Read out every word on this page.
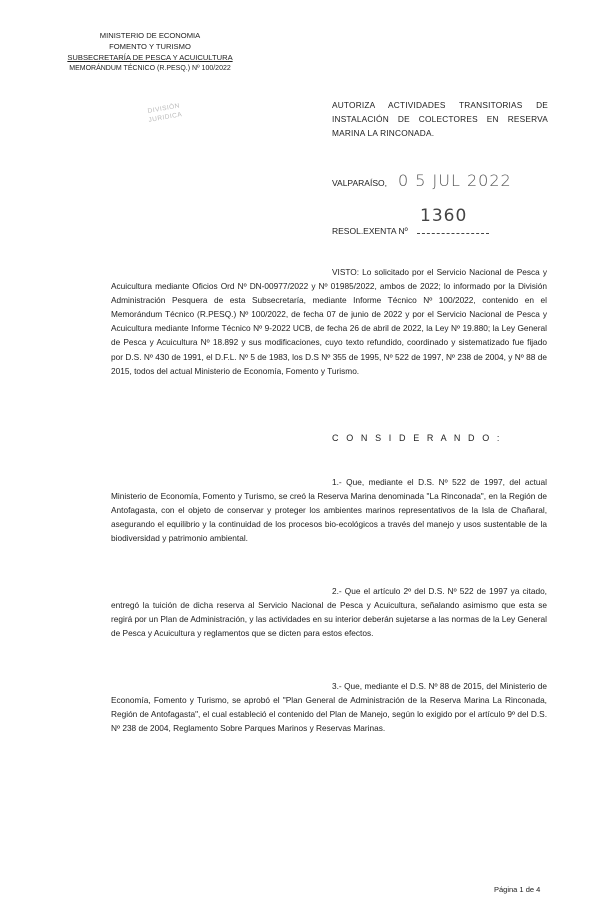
MINISTERIO DE ECONOMIA
FOMENTO Y TURISMO
SUBSECRETARÍA DE PESCA Y ACUICULTURA
MEMORÁNDUM TÉCNICO (R.PESQ.) Nº 100/2022
DIVISIÓN
JURIDICA
AUTORIZA ACTIVIDADES TRANSITORIAS DE INSTALACIÓN DE COLECTORES EN RESERVA MARINA LA RINCONADA.
VALPARAÍSO, 0 5 JUL 2022
RESOL.EXENTA Nº
1360
VISTO: Lo solicitado por el Servicio Nacional de Pesca y Acuicultura mediante Oficios Ord Nº DN-00977/2022 y Nº 01985/2022, ambos de 2022; lo informado por la División Administración Pesquera de esta Subsecretaría, mediante Informe Técnico Nº 100/2022, contenido en el Memorándum Técnico (R.PESQ.) Nº 100/2022, de fecha 07 de junio de 2022 y por el Servicio Nacional de Pesca y Acuicultura mediante Informe Técnico Nº 9-2022 UCB, de fecha 26 de abril de 2022, la Ley Nº 19.880; la Ley General de Pesca y Acuicultura Nº 18.892 y sus modificaciones, cuyo texto refundido, coordinado y sistematizado fue fijado por D.S. Nº 430 de 1991, el D.F.L. Nº 5 de 1983, los D.S Nº 355 de 1995, Nº 522 de 1997, Nº 238 de 2004, y Nº 88 de 2015, todos del actual Ministerio de Economía, Fomento y Turismo.
C O N S I D E R A N D O :
1.- Que, mediante el D.S. Nº 522 de 1997, del actual Ministerio de Economía, Fomento y Turismo, se creó la Reserva Marina denominada "La Rinconada", en la Región de Antofagasta, con el objeto de conservar y proteger los ambientes marinos representativos de la Isla de Chañaral, asegurando el equilibrio y la continuidad de los procesos bio-ecológicos a través del manejo y usos sustentable de la biodiversidad y patrimonio ambiental.
2.- Que el artículo 2º del D.S. Nº 522 de 1997 ya citado, entregó la tuición de dicha reserva al Servicio Nacional de Pesca y Acuicultura, señalando asimismo que esta se regirá por un Plan de Administración, y las actividades en su interior deberán sujetarse a las normas de la Ley General de Pesca y Acuicultura y reglamentos que se dicten para estos efectos.
3.- Que, mediante el D.S. Nº 88 de 2015, del Ministerio de Economía, Fomento y Turismo, se aprobó el "Plan General de Administración de la Reserva Marina La Rinconada, Región de Antofagasta", el cual estableció el contenido del Plan de Manejo, según lo exigido por el artículo 9º del D.S. Nº 238 de 2004, Reglamento Sobre Parques Marinos y Reservas Marinas.
Página 1 de 4
